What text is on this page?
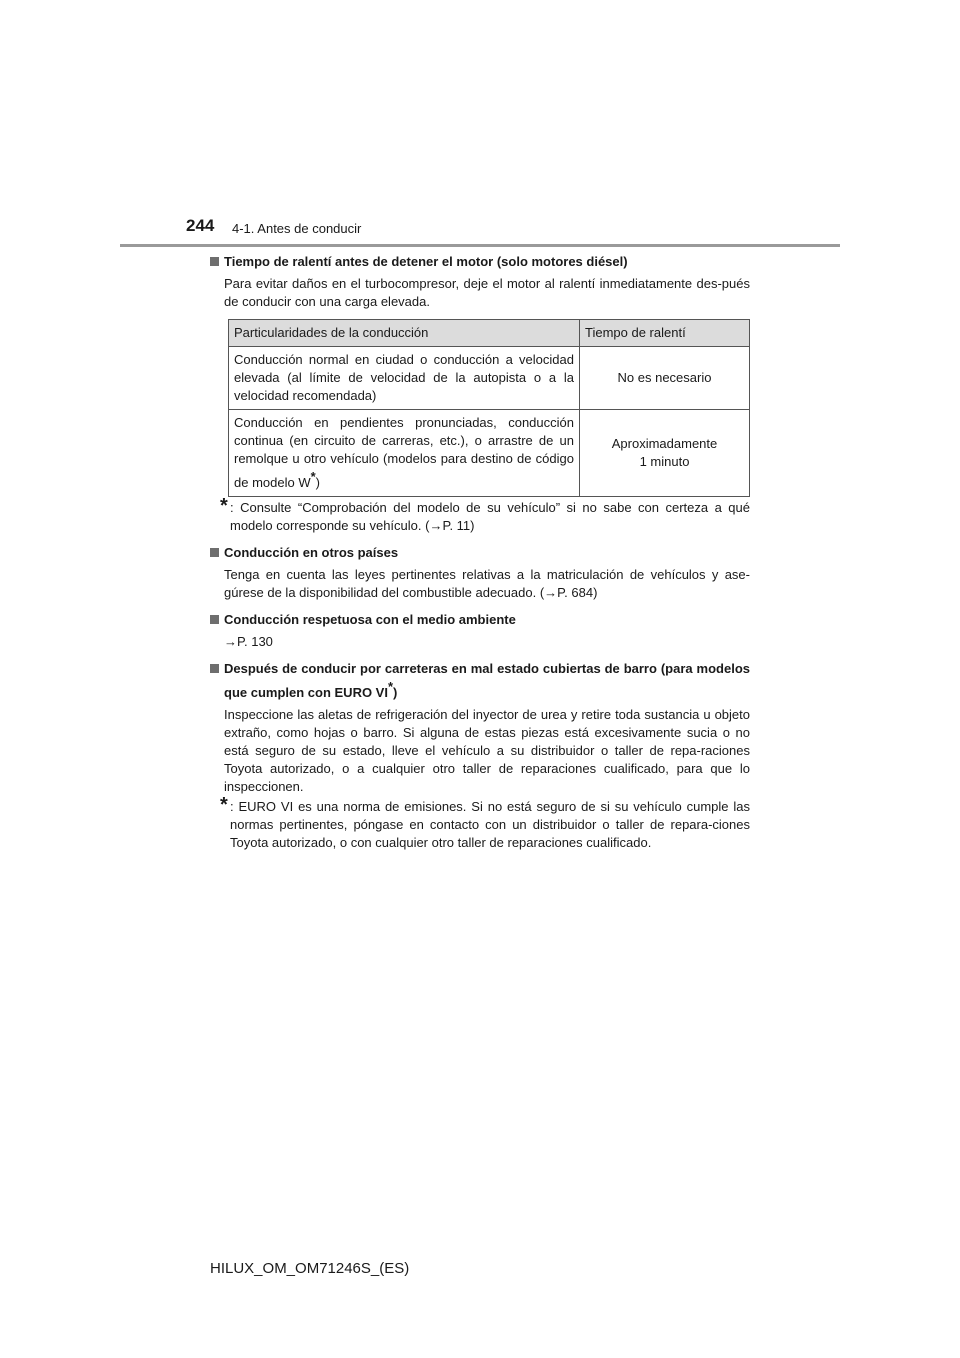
244 4-1. Antes de conducir
Tiempo de ralentí antes de detener el motor (solo motores diésel)

Para evitar daños en el turbocompresor, deje el motor al ralentí inmediatamente des-pués de conducir con una carga elevada.

Particularidades de la conducción	Tiempo de ralentí
Conducción normal en ciudad o conducción a velocidad elevada (al límite de velocidad de la autopista o a la velocidad recomendada)	No es necesario
Conducción en pendientes pronunciadas, conducción continua (en circuito de carreras, etc.), o arrastre de un remolque u otro vehículo (modelos para destino de código de modelo W*)	Aproximadamente
1 minuto
* : Consulte “Comprobación del modelo de su vehículo” si no sabe con certeza a qué modelo corresponde su vehículo. (→P. 11)
Conducción en otros países

Tenga en cuenta las leyes pertinentes relativas a la matriculación de vehículos y ase-gúrese de la disponibilidad del combustible adecuado. (→P. 684)

Conducción respetuosa con el medio ambiente

→P. 130

Después de conducir por carreteras en mal estado cubiertas de barro (para modelos que cumplen con EURO VI*)

Inspeccione las aletas de refrigeración del inyector de urea y retire toda sustancia u objeto extraño, como hojas o barro. Si alguna de estas piezas está excesivamente sucia o no está seguro de su estado, lleve el vehículo a su distribuidor o taller de repa-raciones Toyota autorizado, o a cualquier otro taller de reparaciones cualificado, para que lo inspeccionen.

* : EURO VI es una norma de emisiones. Si no está seguro de si su vehículo cumple las normas pertinentes, póngase en contacto con un distribuidor o taller de repara-ciones Toyota autorizado, o con cualquier otro taller de reparaciones cualificado.
HILUX_OM_OM71246S_(ES)
